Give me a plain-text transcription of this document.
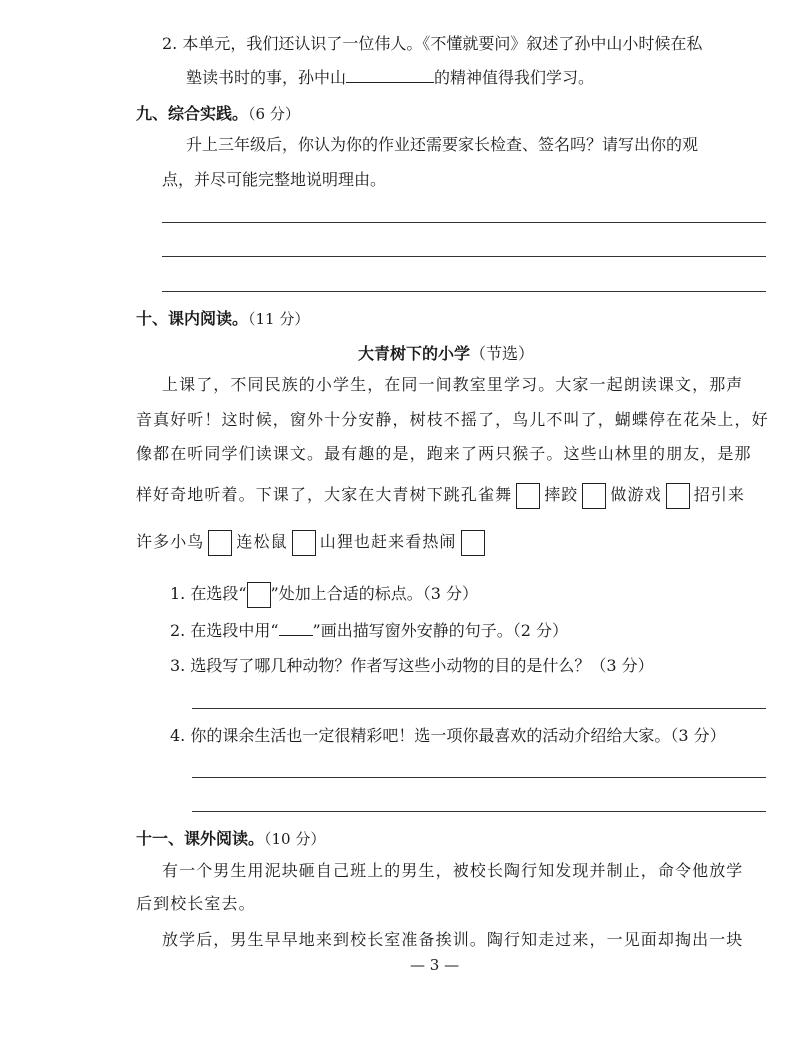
2. 本单元，我们还认识了一位伟人。《不懂就要问》叙述了孙中山小时候在私
塾读书时的事，孙中山	的精神值得我们学习。
九、综合实践。（6 分）
升上三年级后，你认为你的作业还需要家长检查、签名吗？请写出你的观
点，并尽可能完整地说明理由。
十、课内阅读。（11 分）
大青树下的小学（节选）
上课了，不同民族的小学生，在同一间教室里学习。大家一起朗读课文，那声
音真好听！这时候，窗外十分安静，树枝不摇了，鸟儿不叫了，蝴蝶停在花朵上，好
像都在听同学们读课文。最有趣的是，跑来了两只猴子。这些山林里的朋友，是那
样好奇地听着。下课了，大家在大青树下跳孔雀舞 摔跤 做游戏 招引来
许多小鸟 连松鼠 山狸也赶来看热闹
1. 在选段“ ”处加上合适的标点。（3 分）
2. 在选段中用“ ”画出描写窗外安静的句子。（2 分）
3. 选段写了哪几种动物？作者写这些小动物的目的是什么？（3 分）
4. 你的课余生活也一定很精彩吧！选一项你最喜欢的活动介绍给大家。（3 分）
十一、课外阅读。（10 分）
有一个男生用泥块砸自己班上的男生，被校长陶行知发现并制止，命令他放学
后到校长室去。
放学后，男生早早地来到校长室准备挨训。陶行知走过来，一见面却掏出一块
— 3 —
